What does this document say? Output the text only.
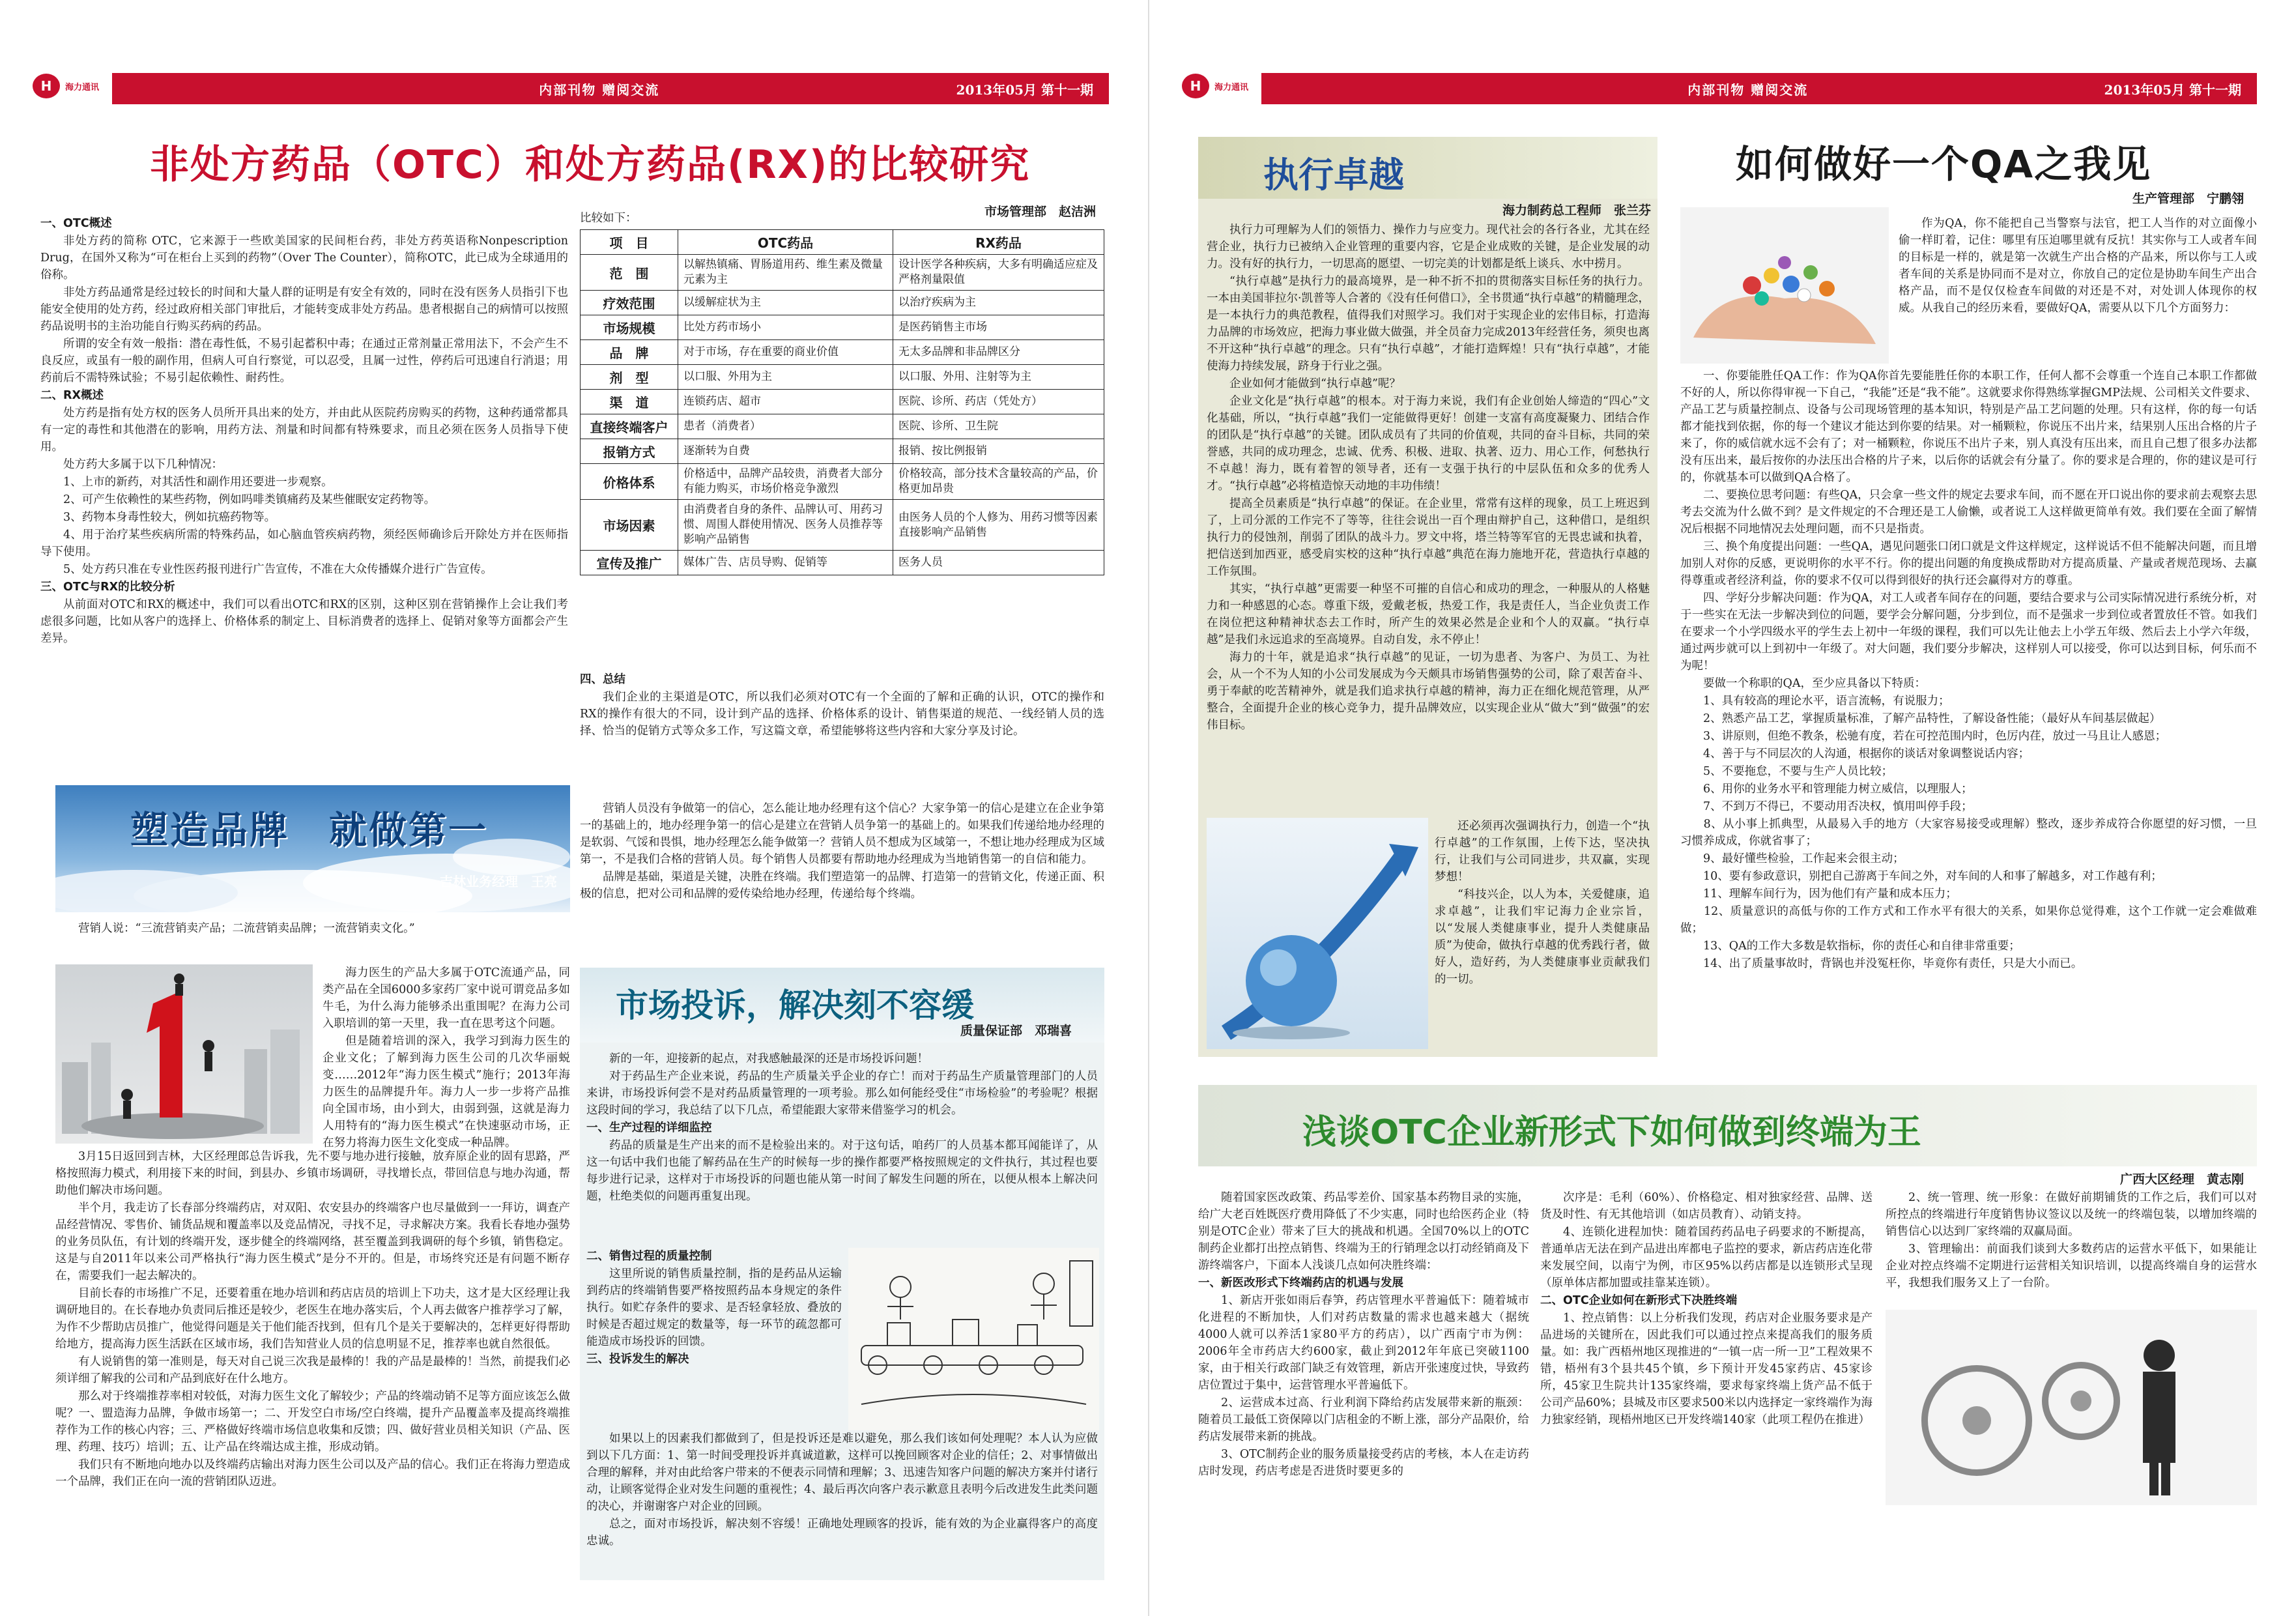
H	海力通讯	内部刊物 赠阅交流	2013年05月 第十一期
非处方药品（OTC）和处方药品(RX)的比较研究
市场管理部　赵洁洲

一、OTC概述

非处方药的简称 OTC，它来源于一些欧美国家的民间柜台药，非处方药英语称Nonpescription Drug，在国外又称为“可在柜台上买到的药物”（Over The Counter），简称OTC，此已成为全球通用的俗称。

非处方药品通常是经过较长的时间和大量人群的证明是有安全有效的，同时在没有医务人员指引下也能安全使用的处方药，经过政府相关部门审批后，才能转变成非处方药品。患者根据自己的病情可以按照药品说明书的主治功能自行购买药病的药品。

所谓的安全有效一般指：潜在毒性低，不易引起蓄积中毒；在通过正常剂量正常用法下，不会产生不良反应，或虽有一般的副作用，但病人可自行察觉，可以忍受，且属一过性，停药后可迅速自行消退；用药前后不需特殊试验；不易引起依赖性、耐药性。

二、RX概述

处方药是指有处方权的医务人员所开具出来的处方，并由此从医院药房购买的药物，这种药通常都具有一定的毒性和其他潜在的影响，用药方法、剂量和时间都有特殊要求，而且必须在医务人员指导下使用。

处方药大多属于以下几种情况：

1、上市的新药，对其活性和副作用还要进一步观察。

2、可产生依赖性的某些药物，例如吗啡类镇痛药及某些催眠安定药物等。

3、药物本身毒性较大，例如抗癌药物等。

4、用于治疗某些疾病所需的特殊药品，如心脑血管疾病药物，须经医师确诊后开除处方并在医师指导下使用。

5、处方药只准在专业性医药报刊进行广告宣传，不准在大众传播媒介进行广告宣传。

三、OTC与RX的比较分析

从前面对OTC和RX的概述中，我们可以看出OTC和RX的区别，这种区别在营销操作上会让我们考虑很多问题，比如从客户的选择上、价格体系的制定上、目标消费者的选择上、促销对象等方面都会产生差异。

比较如下：

项　目	OTC药品	RX药品
范　围	以解热镇痛、胃肠道用药、维生素及微量元素为主	设计医学各种疾病，大多有明确适应症及严格剂量限值
疗效范围	以缓解症状为主	以治疗疾病为主
市场规模	比处方药市场小	是医药销售主市场
品　牌	对于市场，存在重要的商业价值	无太多品牌和非品牌区分
剂　型	以口服、外用为主	以口服、外用、注射等为主
渠　道	连锁药店、超市	医院、诊所、药店（凭处方）
直接终端客户	患者（消费者）	医院、诊所、卫生院
报销方式	逐渐转为自费	报销、按比例报销
价格体系	价格适中，品牌产品较贵，消费者大部分有能力购买，市场价格竞争激烈	价格较高，部分技术含量较高的产品，价格更加昂贵
市场因素	由消费者自身的条件、品牌认可、用药习惯、周围人群使用情况、医务人员推荐等影响产品销售	由医务人员的个人修为、用药习惯等因素直接影响产品销售
宣传及推广	媒体广告、店员导购、促销等	医务人员

四、总结

我们企业的主渠道是OTC，所以我们必须对OTC有一个全面的了解和正确的认识，OTC的操作和RX的操作有很大的不同，设计到产品的选择、价格体系的设计、销售渠道的规范、一线经销人员的选择、恰当的促销方式等众多工作，写这篇文章，希望能够将这些内容和大家分享及讨论。

塑造品牌　就做第一
吉林业务经理　王亮

营销人说：“三流营销卖产品；二流营销卖品牌；一流营销卖文化。”

海力医生的产品大多属于OTC流通产品，同类产品在全国6000多家药厂家中说可谓竞品多如牛毛，为什么海力能够杀出重围呢？在海力公司入职培训的第一天里，我一直在思考这个问题。

但是随着培训的深入，我学习到海力医生的企业文化；了解到海力医生公司的几次华丽蜕变……2012年“海力医生模式”施行；2013年海力医生的品牌提升年。海力人一步一步将产品推向全国市场，由小到大，由弱到强，这就是海力人用特有的“海力医生模式”在快速驱动市场，正在努力将海力医生文化变成一种品牌。

3月15日返回到吉林，大区经理郎总告诉我，先不要与地办进行接触，放弃原企业的固有思路，严格按照海力模式，利用接下来的时间，到县办、乡镇市场调研，寻找增长点，带回信息与地办沟通，帮助他们解决市场问题。

半个月，我走访了长春部分终端药店，对双阳、农安县办的终端客户也尽量做到一一拜访，调查产品经营情况、零售价、铺货品规和覆盖率以及竞品情况，寻找不足，寻求解决方案。我看长春地办强势的业务员队伍，有计划的终端开发，逐步健全的终端网络，甚至覆盖到我调研的每个乡镇，销售稳定。这是与自2011年以来公司严格执行“海力医生模式”是分不开的。但是，市场终究还是有问题不断存在，需要我们一起去解决的。

目前长春的市场推广不足，还要着重在地办培训和药店店员的培训上下功夫，这才是大区经理让我调研地目的。在长春地办负责同后推还是较少，老医生在地办落实后，个人再去做客户推荐学习了解，为作不少帮助店员推广，他觉得问题是关于他们能否找到，但有几个是关于要解决的，怎样更好得帮助给地方，提高海力医生活跃在区域市场，我们告知营业人员的信息明显不足，推荐率也就自然很低。

有人说销售的第一准则是，每天对自己说三次我是最棒的！我的产品是最棒的！当然，前提我们必须详细了解我的公司和产品到底好在什么地方。

那么对于终端推荐率相对较低，对海力医生文化了解较少；产品的终端动销不足等方面应该怎么做呢？一、盟造海力品牌，争做市场第一；二、开发空白市场/空白终端，提升产品覆盖率及提高终端推荐作为工作的核心内容；三、严格做好终端市场信息收集和反馈；四、做好营业员相关知识（产品、医理、药理、技巧）培训；五、让产品在终端达成主推，形成动销。

我们只有不断地向地办以及终端药店输出对海力医生公司以及产品的信心。我们正在将海力塑造成一个品牌，我们正在向一流的营销团队迈进。

营销人员没有争做第一的信心，怎么能让地办经理有这个信心？大家争第一的信心是建立在企业争第一的基础上的，地办经理争第一的信心是建立在营销人员争第一的基础上的。如果我们传递给地办经理的是软弱、气馁和畏惧，地办经理怎么能争做第一？营销人员不想成为区域第一，不想让地办经理成为区域第一，不是我们合格的营销人员。每个销售人员都要有帮助地办经理成为当地销售第一的自信和能力。

品牌是基础，渠道是关键，决胜在终端。我们塑造第一的品牌、打造第一的营销文化，传递正面、积极的信息，把对公司和品牌的爱传染给地办经理，传递给每个终端。

市场投诉，解决刻不容缓
质量保证部　邓瑞喜

新的一年，迎接新的起点，对我感触最深的还是市场投诉问题！

对于药品生产企业来说，药品的生产质量关乎企业的存亡！而对于药品生产质量管理部门的人员来讲，市场投诉何尝不是对药品质量管理的一项考验。那么如何能经受住“市场检验”的考验呢？根据这段时间的学习，我总结了以下几点，希望能跟大家带来借鉴学习的机会。

一、生产过程的详细监控

药品的质量是生产出来的而不是检验出来的。对于这句话，咱药厂的人员基本都耳闻能详了，从这一句话中我们也能了解药品在生产的时候每一步的操作都要严格按照规定的文件执行，其过程也要每步进行记录，这样对于市场投诉的问题也能从第一时间了解发生问题的所在，以便从根本上解决问题，杜绝类似的问题再重复出现。

二、销售过程的质量控制

这里所说的销售质量控制，指的是药品从运输到药店的终端销售要严格按照药品本身规定的条件执行。如贮存条件的要求、是否轻拿轻放、叠放的时候是否超过规定的数量等，每一环节的疏忽都可能造成市场投诉的回馈。

三、投诉发生的解决

如果以上的因素我们都做到了，但是投诉还是难以避免，那么我们该如何处理呢？本人认为应做到以下几方面：1、第一时间受理投诉并真诚道歉，这样可以挽回顾客对企业的信任；2、对事情做出合理的解释，并对由此给客户带来的不便表示同情和理解；3、迅速告知客户问题的解决方案并付诸行动，让顾客觉得企业对发生问题的重视性；4、最后再次向客户表示歉意且表明今后改进发生此类问题的决心，并谢谢客户对企业的回顾。

总之，面对市场投诉，解决刻不容缓！正确地处理顾客的投诉，能有效的为企业赢得客户的高度忠诚。

H	海力通讯	内部刊物 赠阅交流	2013年05月 第十一期
执行卓越
海力制药总工程师　张兰芬

执行力可理解为人们的领悟力、操作力与应变力。现代社会的各行各业，尤其在经营企业，执行力已被纳入企业管理的重要内容，它是企业成败的关键，是企业发展的动力。没有好的执行力，一切思高的愿望、一切完美的计划都是纸上谈兵、水中捞月。

“执行卓越”是执行力的最高境界，是一种不折不扣的贯彻落实目标任务的执行力。一本由美国菲拉尔·凯普等人合著的《没有任何借口》，全书贯通“执行卓越”的精髓理念，是一本执行力的典范教程，值得我们对照学习。我们对于实现企业的宏伟目标，打造海力品牌的市场效应，把海力事业做大做强，并全员奋力完成2013年经营任务，须臾也离不开这种“执行卓越”的理念。只有“执行卓越”，才能打造辉煌！只有“执行卓越”，才能使海力持续发展，跻身于行业之强。

企业如何才能做到“执行卓越”呢？

企业文化是“执行卓越”的根本。对于海力来说，我们有企业创始人缔造的“四心”文化基础，所以，“执行卓越”我们一定能做得更好！创建一支富有高度凝聚力、团结合作的团队是“执行卓越”的关键。团队成员有了共同的价值观，共同的奋斗目标，共同的荣誉感，共同的成功理念，忠诚、优秀、积极、进取、执著、迈力、用心工作，何愁执行不卓越！海力，既有着智的领导者，还有一支强于执行的中层队伍和众多的优秀人才。“执行卓越”必将植造惊天动地的丰功伟绩！

提高全员素质是“执行卓越”的保证。在企业里，常常有这样的现象，员工上班迟到了，上司分派的工作完不了等等，往往会说出一百个理由辩护自己，这种借口，是组织执行力的侵蚀剂，削弱了团队的战斗力。罗文中将，塔兰特等军官的无畏忠诚和执着，把信送到加西亚，感受肩实校的这种“执行卓越”典范在海力施地开花，营造执行卓越的工作氛围。

其实，“执行卓越”更需要一种坚不可摧的自信心和成功的理念，一种服从的人格魅力和一种感恩的心态。尊重下级，爱戴老板，热爱工作，我是责任人，当企业负责工作在岗位把这种精神状态去工作时，所产生的效果必然是企业和个人的双赢。“执行卓越”是我们永远追求的至高境界。自动自发，永不停止！

海力的十年，就是追求“执行卓越”的见证，一切为患者、为客户、为员工、为社会，从一个不为人知的小公司发展成为今天颇具市场销售强势的公司，除了艰苦奋斗、勇于奉献的吃苦精神外，就是我们追求执行卓越的精神，海力正在细化规范管理，从严整合，全面提升企业的核心竞争力，提升品牌效应，以实现企业从“做大”到“做强”的宏伟目标。

还必须再次强调执行力，创造一个“执行卓越”的工作氛围，上传下达，坚决执行，让我们与公司同进步，共双赢，实现梦想！

“科技兴企，以人为本，关爱健康，追求卓越”，让我们牢记海力企业宗旨，以“发展人类健康事业，提升人类健康品质”为使命，做执行卓越的优秀践行者，做好人，造好药，为人类健康事业贡献我们的一切。

如何做好一个QA之我见
生产管理部　宁鹏翎

作为QA，你不能把自己当警察与法官，把工人当作的对立面像小偷一样盯着，记住：哪里有压迫哪里就有反抗！其实你与工人或者车间的目标是一样的，就是第一次就生产出合格的产品来，所以你与工人或者车间的关系是协同而不是对立，你放自己的定位是协助车间生产出合格产品，而不是仅仅检查车间做的对还是不对，对处训人体现你的权威。从我自己的经历来看，要做好QA，需要从以下几个方面努力：

一、你要能胜任QA工作：作为QA你首先要能胜任你的本职工作，任何人都不会尊重一个连自己本职工作都做不好的人，所以你得审视一下自己，“我能”还是“我不能”。这就要求你得熟练掌握GMP法规、公司相关文件要求、产品工艺与质量控制点、设备与公司现场管理的基本知识，特别是产品工艺问题的处理。只有这样，你的每一句话都才能找到依据，你的每一个建议才能达到你要的结果。对一桶颗粒，你说压不出片来，结果别人压出合格的片子来了，你的威信就水远不会有了；对一桶颗粒，你说压不出片子来，别人真没有压出来，而且自己想了很多办法都没有压出来，最后按你的办法压出合格的片子来，以后你的话就会有分量了。你的要求是合理的，你的建议是可行的，你就基本可以做到QA合格了。

二、要换位思考问题：有些QA，只会拿一些文件的规定去要求车间，而不愿在开口说出你的要求前去观察去思考去交流为什么做不到？是文件规定的不合理还是工人偷懒，或者说工人这样做更简单有效。我们要在全面了解情况后根据不同地情况去处理问题，而不只是指责。

三、换个角度提出问题：一些QA，遇见问题张口闭口就是文件这样规定，这样说话不但不能解决问题，而且增加别人对你的反感，更说明你的水平不行。你的提出问题的角度换成帮助对方提高质量、产量或者规范现场、去赢得尊重或者经济利益，你的要求不仅可以得到很好的执行还会赢得对方的尊重。

四、学好分步解决问题：作为QA，对工人或者车间存在的问题，要结合要求与公司实际情况进行系统分析，对于一些实在无法一步解决到位的问题，要学会分解问题，分步到位，而不是强求一步到位或者置放任不管。如我们在要求一个小学四级水平的学生去上初中一年级的课程，我们可以先让他去上小学五年级、然后去上小学六年级，通过两步就可以上到初中一年级了。对大问题，我们要分步解决，这样别人可以接受，你可以达到目标，何乐而不为呢！

要做一个称职的QA，至少应具备以下特质：

　　1、具有较高的理论水平，语言流畅，有说服力；

　　2、熟悉产品工艺，掌握质量标准，了解产品特性，了解设备性能；（最好从车间基层做起）

　　3、讲原则，但绝不教条，松驰有度，若在可控范围内时，色厉内荏，放过一马且让人感恩；

　　4、善于与不同层次的人沟通，根据你的谈话对象调整说话内容；

　　5、不要拖怠，不要与生产人员比较；

　　6、用你的业务水平和管理能力树立威信，以理服人；

　　7、不到万不得已，不要动用否决权，慎用叫停手段；

　　8、从小事上抓典型，从最易入手的地方（大家容易接受或理解）整改，逐步养成符合你愿望的好习惯，一旦习惯养成成，你就省事了；

　　9、最好懂些检验，工作起来会很主动；

　　10、要有参政意识，别把自己游离于车间之外，对车间的人和事了解越多，对工作越有利；

　　11、理解车间行为，因为他们有产量和成本压力；

　　12、质量意识的高低与你的工作方式和工作水平有很大的关系，如果你总觉得难，这个工作就一定会难做难做；

　　13、QA的工作大多数是软指标，你的责任心和自律非常重要；

　　14、出了质量事故时，背锅也并没冤枉你，毕竟你有责任，只是大小而已。

浅谈OTC企业新形式下如何做到终端为王
广西大区经理　黄志刚

随着国家医改政策、药品零差价、国家基本药物目录的实施，给广大老百姓既医疗费用降低了不少实惠，同时也给医药企业（特别是OTC企业）带来了巨大的挑战和机遇。全国70%以上的OTC制药企业都打出控点销售、终端为王的行销理念以打动经销商及下游终端客户，下面本人浅谈几点如何决胜终端：

一、新医改形式下终端药店的机遇与发展

1、新店开张如雨后春笋，药店管理水平普遍低下：随着城市化进程的不断加快，人们对药店数量的需求也越来越大（据统4000人就可以养活1家80平方的药店），以广西南宁市为例：2006年全市药店大约600家，截止到2012年年底已突破1100家，由于相关行政部门缺乏有效管理，新店开张速度过快，导致药店位置过于集中，运营管理水平普遍低下。

2、运营成本过高、行业利润下降给药店发展带来新的瓶颈：随着员工最低工资保障以门店租金的不断上涨，部分产品限价，给药店发展带来新的挑战。

3、OTC制药企业的服务质量接受药店的考核，本人在走访药店时发现，药店考虑是否进货时要更多的

次序是：毛利（60%）、价格稳定、相对独家经营、品牌、送货及时性、有无其他培训（如店员教育）、动销支持。

4、连锁化进程加快：随着国药药品电子码要求的不断提高，普通单店无法在到产品进出库都电子监控的要求，新店药店连化带来发展空间，以南宁为例，市区95%以药店都是以连锁形式呈现（原单体店都加盟或挂靠某连锁）。

二、OTC企业如何在新形式下决胜终端

1、控点销售：以上分析我们发现，药店对企业服务要求是产品进场的关键所在，因此我们可以通过控点来提高我们的服务质量。如：我广西梧州地区现推进的“一镇一店一所一卫”工程效果不错，梧州有3个县共45个镇，乡下预计开发45家药店、45家诊所，45家卫生院共计135家终端，要求每家终端上货产品不低于公司产品60%；县城及市区要求500米以内选择定一家终端作为海力独家经销，现梧州地区已开发终端140家（此项工程仍在推进）

2、统一管理、统一形象：在做好前期铺货的工作之后，我们可以对所控点的终端进行年度销售协议签议以及统一的终端包装，以增加终端的销售信心以达到厂家终端的双赢局面。

3、管理输出：前面我们谈到大多数药店的运营水平低下，如果能让企业对控点终端不定期进行运营相关知识培训，以提高终端自身的运营水平，我想我们服务又上了一台阶。
